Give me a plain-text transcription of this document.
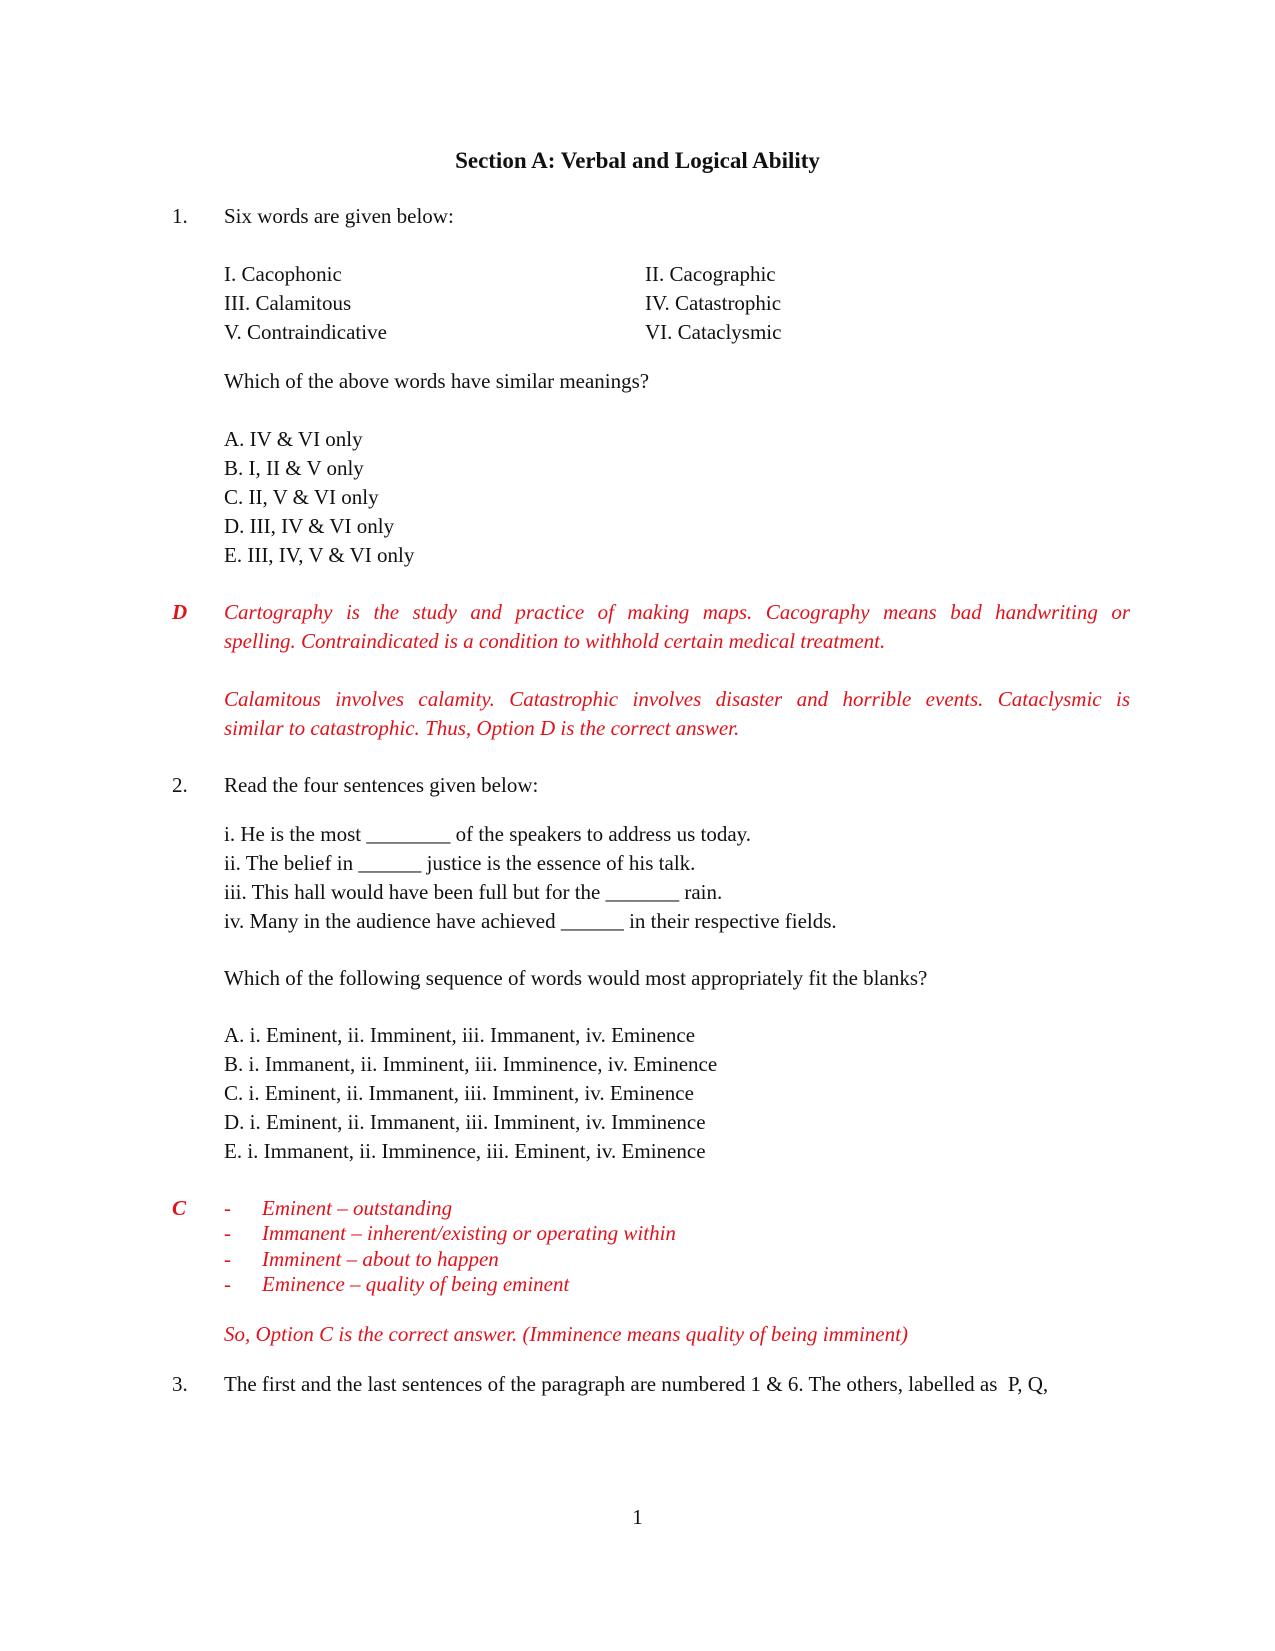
Section A: Verbal and Logical Ability
1. Six words are given below:
I. Cacophonic
III. Calamitous
V. Contraindicative
II. Cacographic
IV. Catastrophic
VI. Cataclysmic
Which of the above words have similar meanings?
A. IV & VI only
B. I, II & V only
C. II, V & VI only
D. III, IV & VI only
E. III, IV, V & VI only
D Cartography is the study and practice of making maps. Cacography means bad handwriting or
spelling. Contraindicated is a condition to withhold certain medical treatment.
Calamitous involves calamity. Catastrophic involves disaster and horrible events. Cataclysmic is
similar to catastrophic. Thus, Option D is the correct answer.
2. Read the four sentences given below:
i. He is the most ________ of the speakers to address us today.
ii. The belief in ______ justice is the essence of his talk.
iii. This hall would have been full but for the _______ rain.
iv. Many in the audience have achieved ______ in their respective fields.
Which of the following sequence of words would most appropriately fit the blanks?
A. i. Eminent, ii. Imminent, iii. Immanent, iv. Eminence
B. i. Immanent, ii. Imminent, iii. Imminence, iv. Eminence
C. i. Eminent, ii. Immanent, iii. Imminent, iv. Eminence
D. i. Eminent, ii. Immanent, iii. Imminent, iv. Imminence
E. i. Immanent, ii. Imminence, iii. Eminent, iv. Eminence
C - Eminent – outstanding
- Immanent – inherent/existing or operating within
- Imminent – about to happen
- Eminence – quality of being eminent
So, Option C is the correct answer. (Imminence means quality of being imminent)
3. The first and the last sentences of the paragraph are numbered 1 & 6. The others, labelled as  P, Q,
1
